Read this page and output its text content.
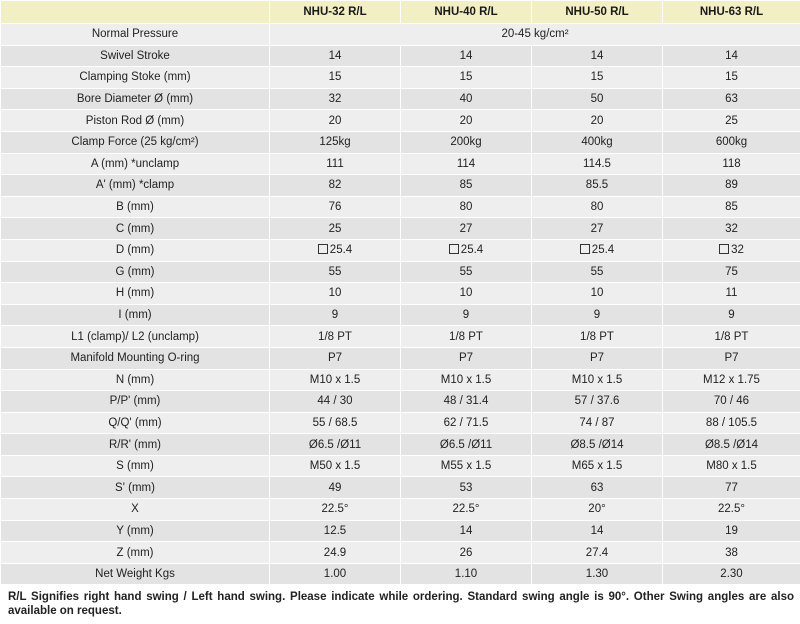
	NHU-32 R/L	NHU-40 R/L	NHU-50 R/L	NHU-63 R/L
Normal Pressure	20-45 kg/cm²			
Swivel Stroke	14	14	14	14
Clamping Stoke (mm)	15	15	15	15
Bore Diameter Ø (mm)	32	40	50	63
Piston Rod Ø (mm)	20	20	20	25
Clamp Force (25 kg/cm²)	125kg	200kg	400kg	600kg
A (mm) *unclamp	111	114	114.5	118
A' (mm) *clamp	82	85	85.5	89
B (mm)	76	80	80	85
C (mm)	25	27	27	32
D (mm)	25.4	25.4	25.4	32
G (mm)	55	55	55	75
H (mm)	10	10	10	11
I (mm)	9	9	9	9
L1 (clamp)/ L2 (unclamp)	1/8 PT	1/8 PT	1/8 PT	1/8 PT
Manifold Mounting O-ring	P7	P7	P7	P7
N (mm)	M10 x 1.5	M10 x 1.5	M10 x 1.5	M12 x 1.75
P/P' (mm)	44 / 30	48 / 31.4	57 / 37.6	70 / 46
Q/Q' (mm)	55 / 68.5	62 / 71.5	74 / 87	88 / 105.5
R/R' (mm)	Ø6.5 /Ø11	Ø6.5 /Ø11	Ø8.5 /Ø14	Ø8.5 /Ø14
S (mm)	M50 x 1.5	M55 x 1.5	M65 x 1.5	M80 x 1.5
S' (mm)	49	53	63	77
X	22.5°	22.5°	20°	22.5°
Y (mm)	12.5	14	14	19
Z (mm)	24.9	26	27.4	38
Net Weight Kgs	1.00	1.10	1.30	2.30
R/L Signifies right hand swing / Left hand swing. Please indicate while ordering. Standard swing angle is 90°. Other Swing angles are also available on request.
